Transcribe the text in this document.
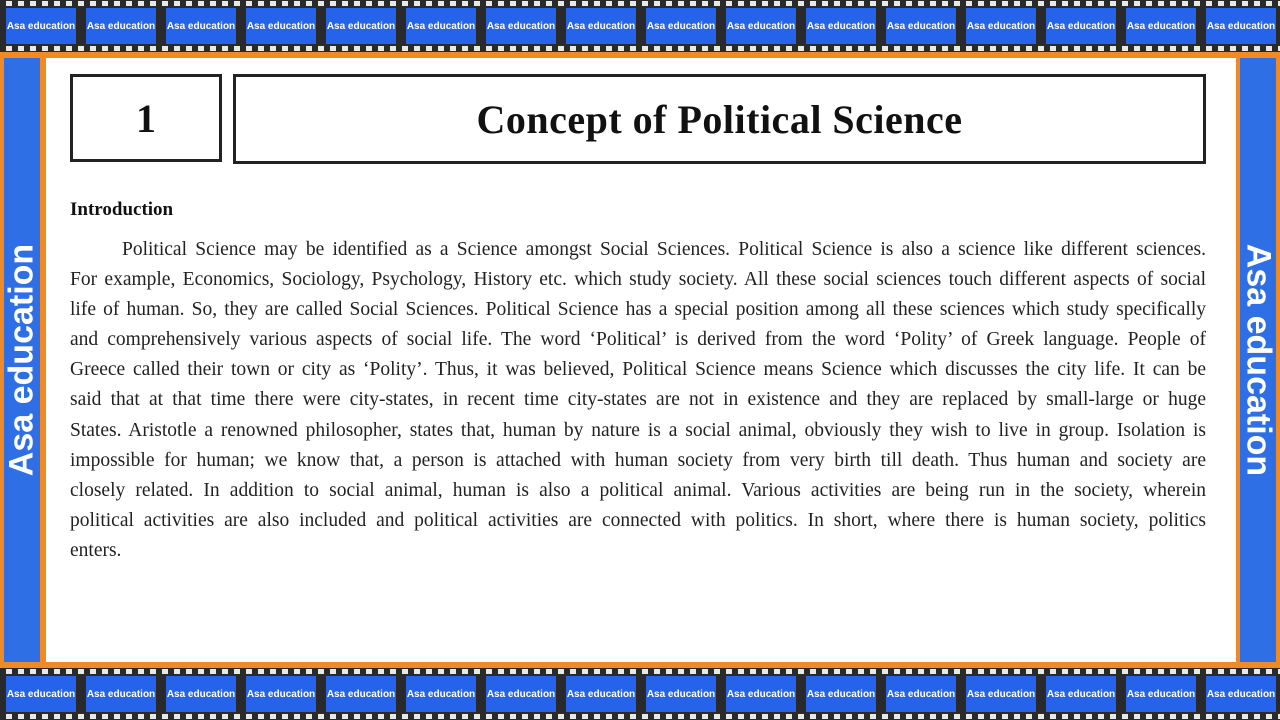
Asa education	Asa education	Asa education	Asa education	Asa education	Asa education	Asa education	Asa education	Asa education	Asa education	Asa education	Asa education	Asa education	Asa education	Asa education	Asa education
Asa education
1	Concept of Political Science
Introduction
Political Science may be identified as a Science amongst Social Sciences. Political Science is also a science like different sciences. For example, Economics, Sociology, Psychology, History etc. which study society. All these social sciences touch different aspects of social life of human. So, they are called Social Sciences. Political Science has a special position among all these sciences which study specifically and comprehensively various aspects of social life. The word ‘Political’ is derived from the word ‘Polity’ of Greek language. People of Greece called their town or city as ‘Polity’. Thus, it was believed, Political Science means Science which discusses the city life. It can be said that at that time there were city-states, in recent time city-states are not in existence and they are replaced by small-large or huge States. Aristotle a renowned philosopher, states that, human by nature is a social animal, obviously they wish to live in group. Isolation is impossible for human; we know that, a person is attached with human society from very birth till death. Thus human and society are closely related. In addition to social animal, human is also a political animal. Various activities are being run in the society, wherein political activities are also included and political activities are connected with politics. In short, where there is human society, politics enters.
Asa education
Asa education	Asa education	Asa education	Asa education	Asa education	Asa education	Asa education	Asa education	Asa education	Asa education	Asa education	Asa education	Asa education	Asa education	Asa education	Asa education
